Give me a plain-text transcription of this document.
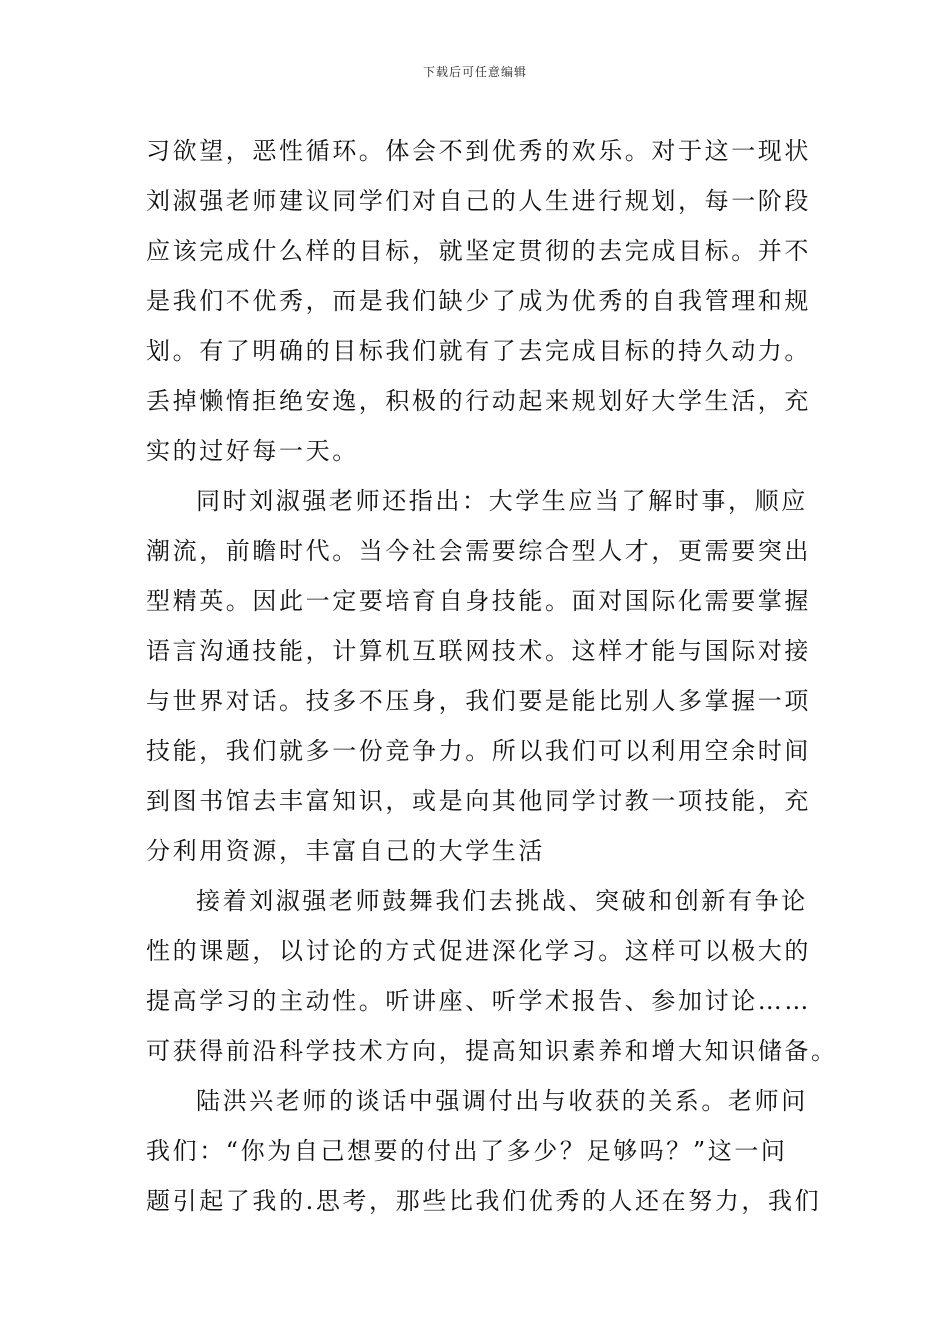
下载后可任意编辑
习欲望，恶性循环。体会不到优秀的欢乐。对于这一现状
刘淑强老师建议同学们对自己的人生进行规划，每一阶段
应该完成什么样的目标，就坚定贯彻的去完成目标。并不
是我们不优秀，而是我们缺少了成为优秀的自我管理和规
划。有了明确的目标我们就有了去完成目标的持久动力。
丢掉懒惰拒绝安逸，积极的行动起来规划好大学生活，充
实的过好每一天。
同时刘淑强老师还指出：大学生应当了解时事，顺应
潮流，前瞻时代。当今社会需要综合型人才，更需要突出
型精英。因此一定要培育自身技能。面对国际化需要掌握
语言沟通技能，计算机互联网技术。这样才能与国际对接
与世界对话。技多不压身，我们要是能比别人多掌握一项
技能，我们就多一份竞争力。所以我们可以利用空余时间
到图书馆去丰富知识，或是向其他同学讨教一项技能，充
分利用资源，丰富自己的大学生活
接着刘淑强老师鼓舞我们去挑战、突破和创新有争论
性的课题，以讨论的方式促进深化学习。这样可以极大的
提高学习的主动性。听讲座、听学术报告、参加讨论……
可获得前沿科学技术方向，提高知识素养和增大知识储备。
陆洪兴老师的谈话中强调付出与收获的关系。老师问
我们：“你为自己想要的付出了多少？足够吗？”这一问
题引起了我的.思考，那些比我们优秀的人还在努力，我们
